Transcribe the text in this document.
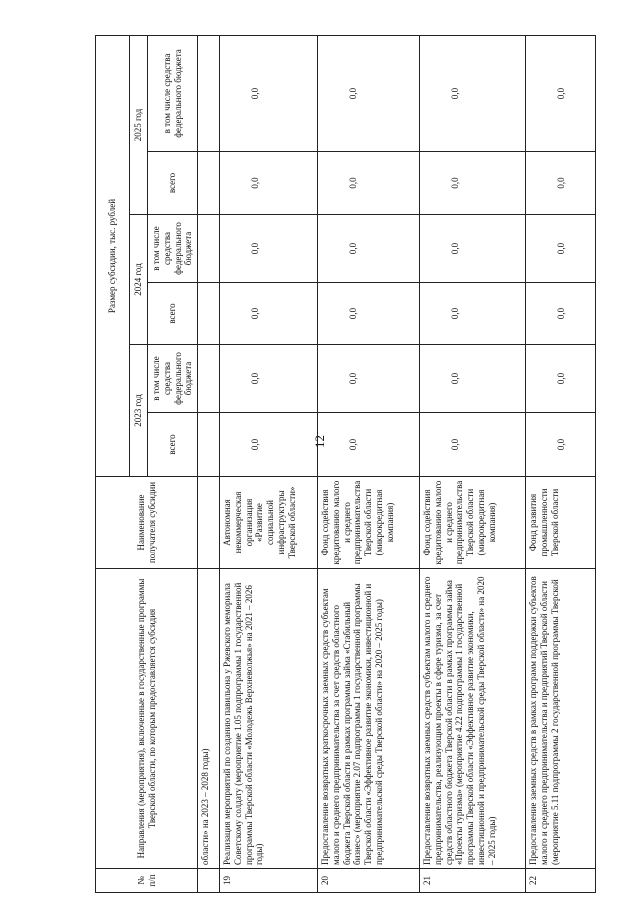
12
№ п/п	Направления (мероприятия), включенные в государственные программы Тверской области, по которым предоставляется субсидия	Наименование получателя субсидии	Размер субсидии, тыс. рублей					
			2023 год		2024 год		2025 год	
			всего	в том числе средства федерального бюджета	всего	в том числе средства федерального бюджета	всего	в том числе средства федерального бюджета
	области» на 2023 – 2028 годы)							
19	Реализация мероприятий по созданию павильона у Ржевского мемориала Советскому солдату (мероприятие 1.05 подпрограммы 1 государственной программы Тверской области «Молодежь Верхневолжья» на 2021 – 2026 годы)	Автономная некоммерческая организация «Развитие социальной инфраструктуры Тверской области»	0,0	0,0	0,0	0,0	0,0	0,0
20	Предоставление возвратных краткосрочных заемных средств субъектам малого и среднего предпринимательства за счет средств областного бюджета Тверской области в рамках программы займа «Стабильный бизнес» (мероприятие 2.07 подпрограммы 1 государственной программы Тверской области «Эффективное развитие экономики, инвестиционной и предпринимательской среды Тверской области» на 2020 – 2025 годы)	Фонд содействия кредитованию малого и среднего предпринимательства Тверской области (микрокредитная компания)	0,0	0,0	0,0	0,0	0,0	0,0
21	Предоставление возвратных заемных средств субъектам малого и среднего предпринимательства, реализующим проекты в сфере туризма, за счет средств областного бюджета Тверской области в рамках программы займа «Проекты туризма» (мероприятие 4.22 подпрограммы 1 государственной программы Тверской области «Эффективное развитие экономики, инвестиционной и предпринимательской среды Тверской области» на 2020 – 2025 годы)	Фонд содействия кредитованию малого и среднего предпринимательства Тверской области (микрокредитная компания)	0,0	0,0	0,0	0,0	0,0	0,0
22	Предоставление заемных средств в рамках программ поддержки субъектов малого и среднего предпринимательства и предприятий Тверской области (мероприятие 5.11 подпрограммы 2 государственной программы Тверской	Фонд развития промышленности Тверской области	0,0	0,0	0,0	0,0	0,0	0,0
